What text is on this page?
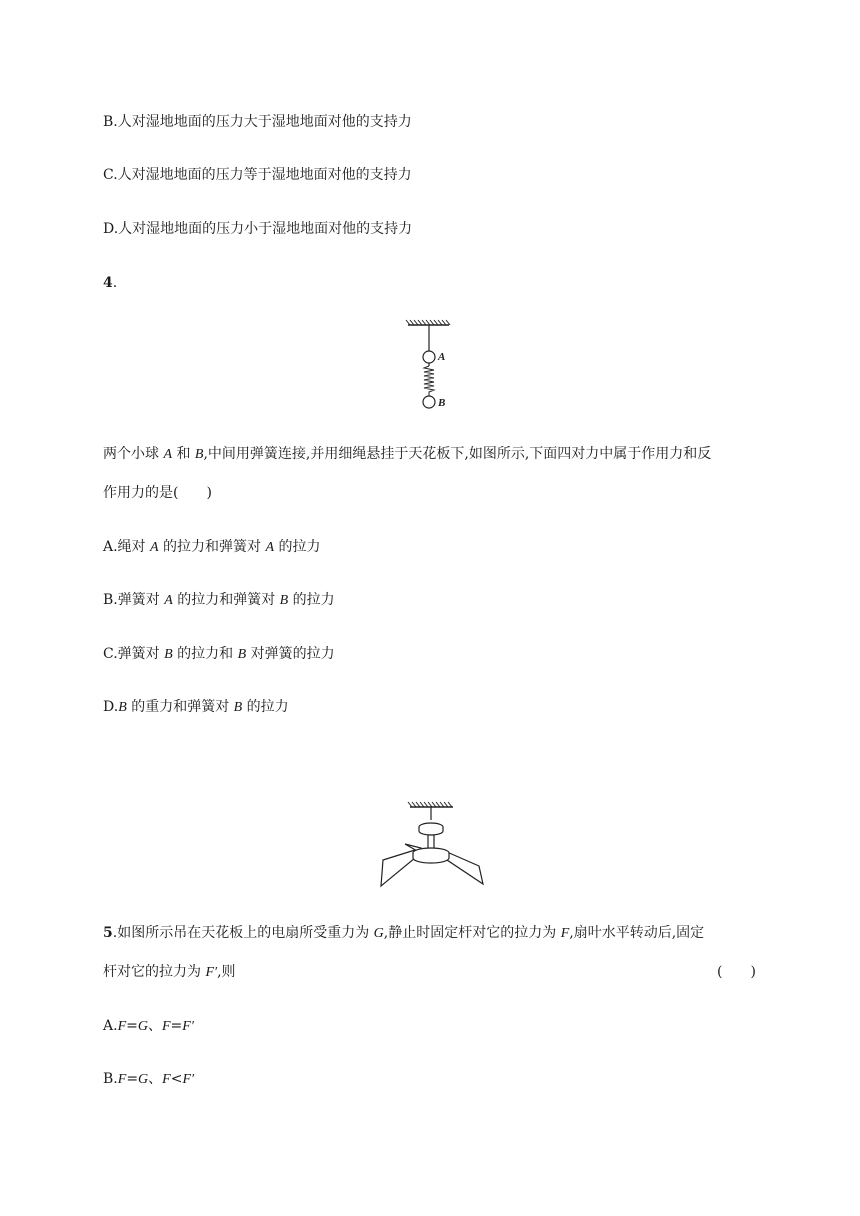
B.人对湿地地面的压力大于湿地地面对他的支持力
C.人对湿地地面的压力等于湿地地面对他的支持力
D.人对湿地地面的压力小于湿地地面对他的支持力
4.
A
B
两个小球 A 和 B,中间用弹簧连接,并用细绳悬挂于天花板下,如图所示,下面四对力中属于作用力和反
作用力的是(　　)
A.绳对 A 的拉力和弹簧对 A 的拉力
B.弹簧对 A 的拉力和弹簧对 B 的拉力
C.弹簧对 B 的拉力和 B 对弹簧的拉力
D.B 的重力和弹簧对 B 的拉力
5.如图所示吊在天花板上的电扇所受重力为 G,静止时固定杆对它的拉力为 F,扇叶水平转动后,固定
杆对它的拉力为 F′,则	(　　)
A.F=G、F=F′
B.F=G、F<F′
